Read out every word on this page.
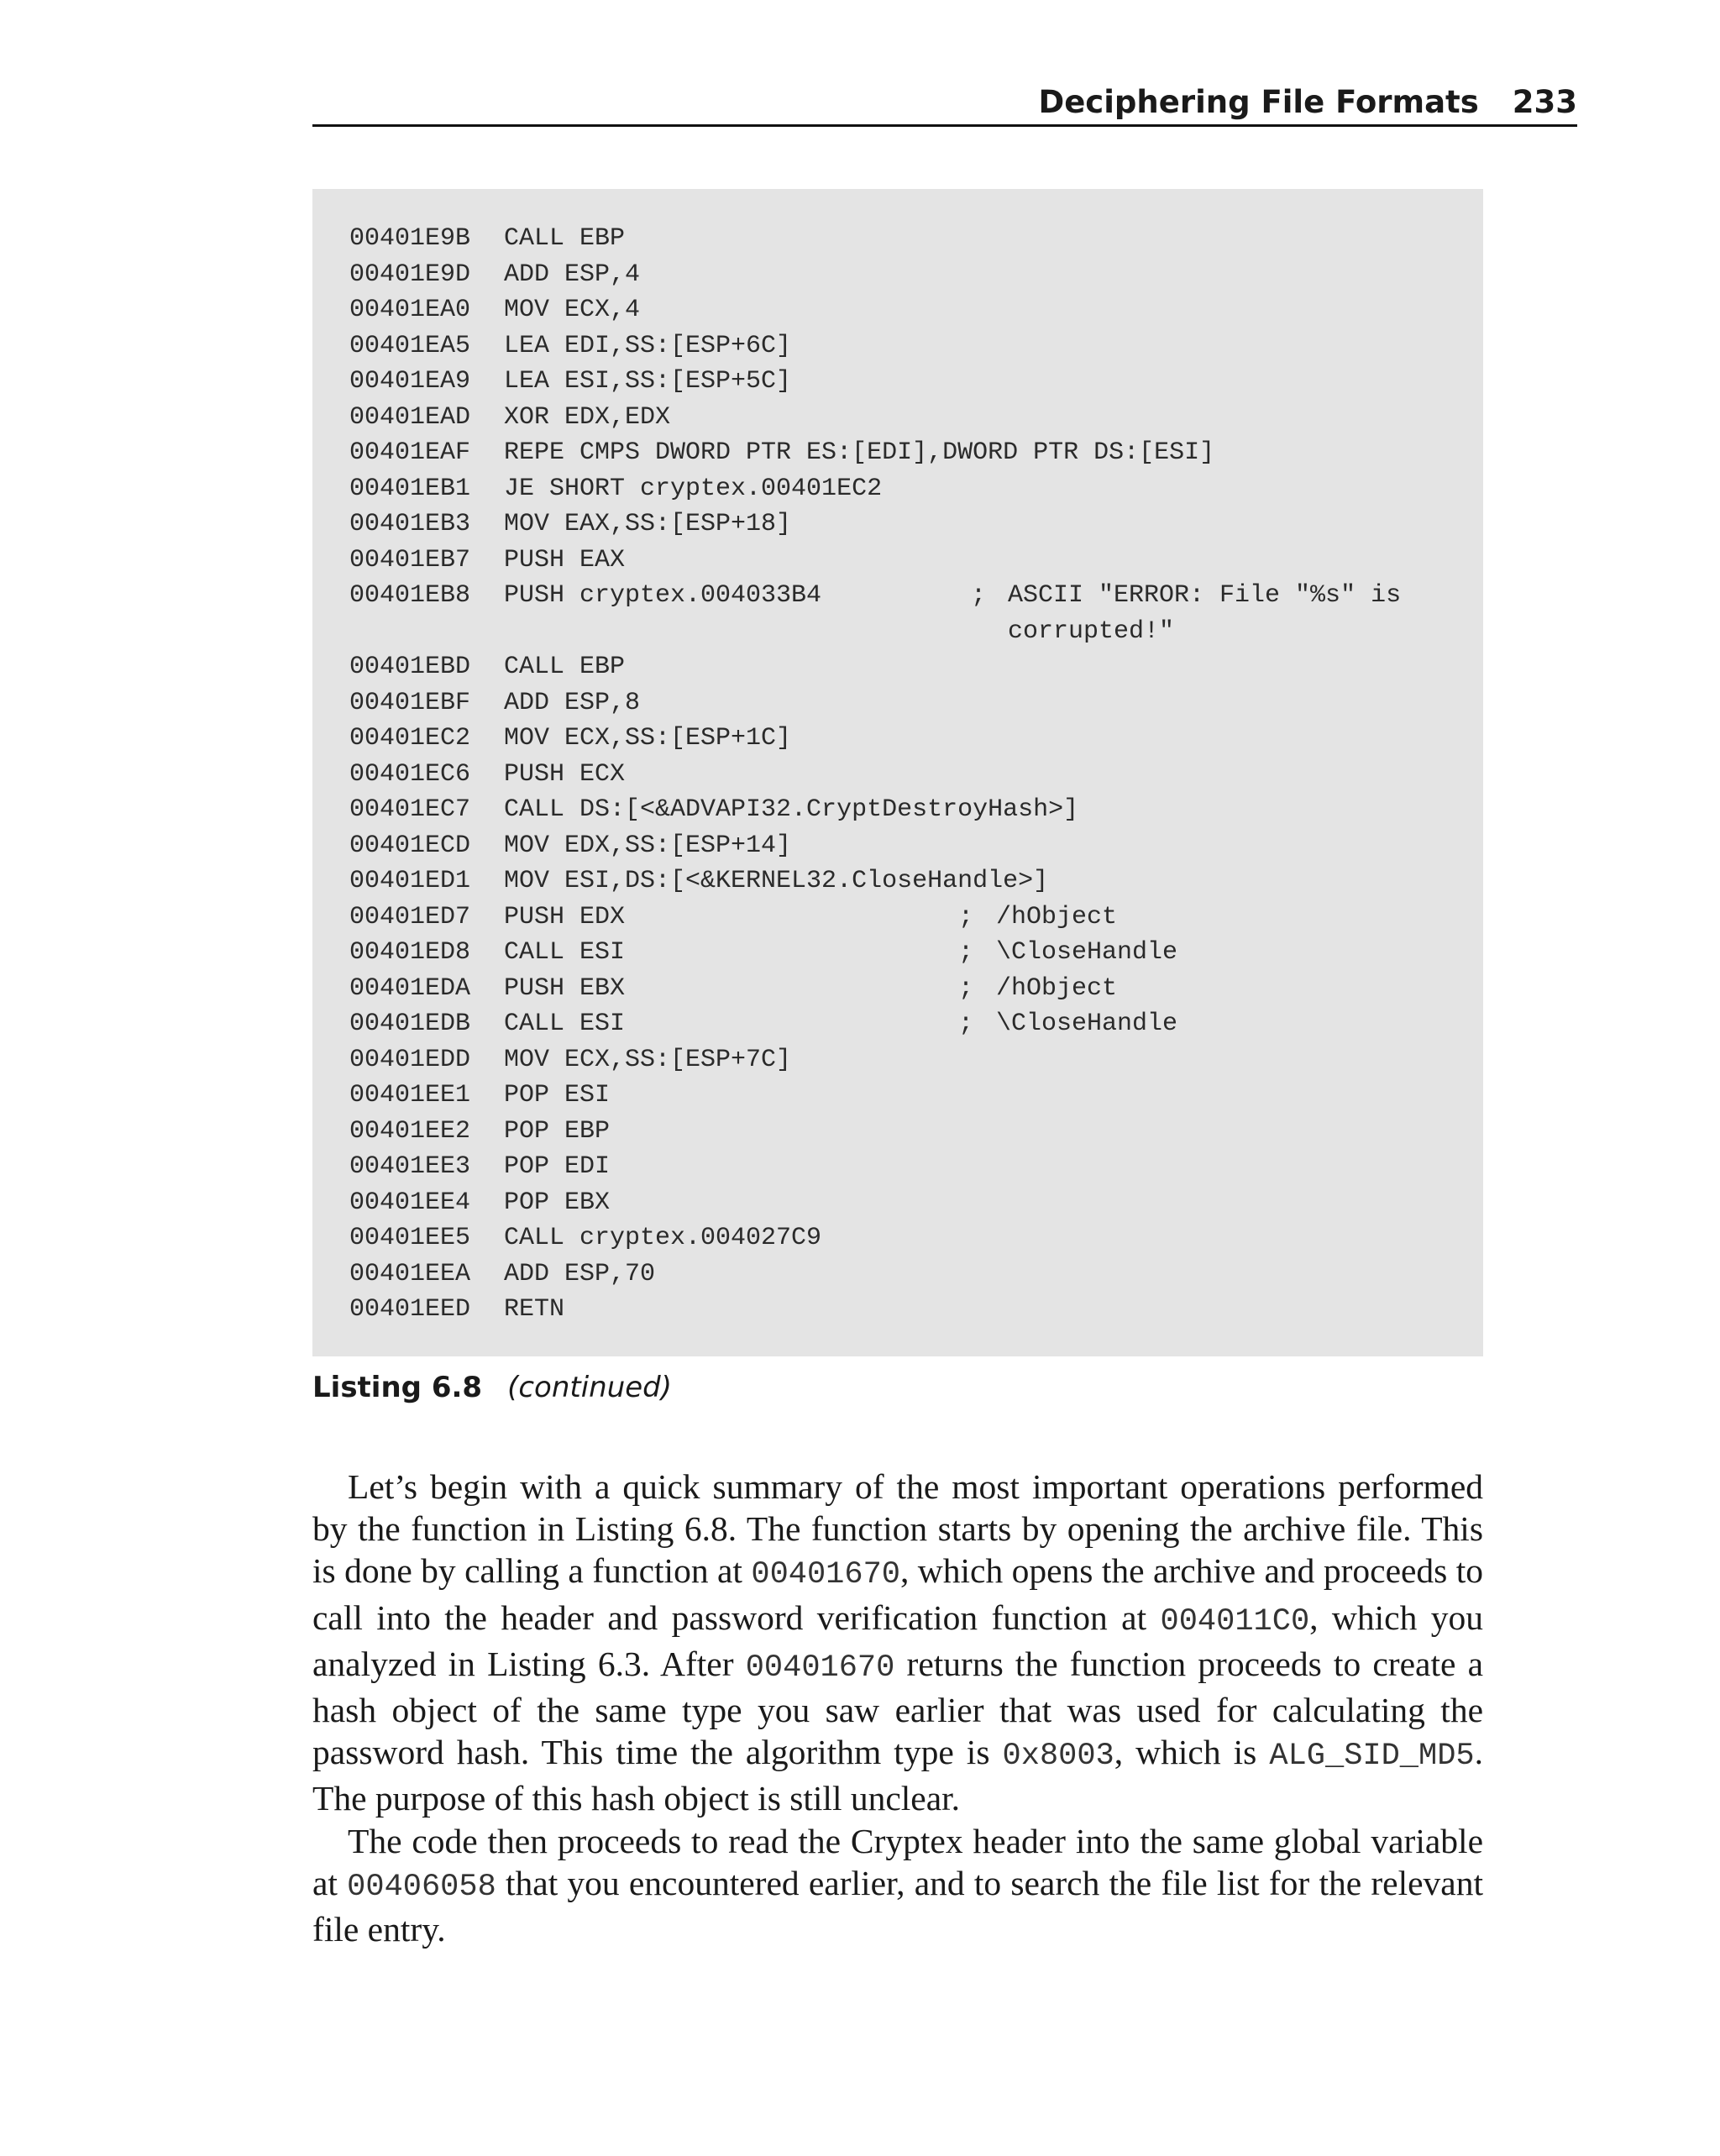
Deciphering File Formats 233
00401E9B CALL EBP
00401E9D ADD ESP,4
00401EA0 MOV ECX,4
00401EA5 LEA EDI,SS:[ESP+6C]
00401EA9 LEA ESI,SS:[ESP+5C]
00401EAD XOR EDX,EDX
00401EAF REPE CMPS DWORD PTR ES:[EDI],DWORD PTR DS:[ESI]
00401EB1 JE SHORT cryptex.00401EC2
00401EB3 MOV EAX,SS:[ESP+18]
00401EB7 PUSH EAX
00401EB8 PUSH cryptex.004033B4	; ASCII "ERROR: File "%s" is
corrupted!"
00401EBD CALL EBP
00401EBF ADD ESP,8
00401EC2 MOV ECX,SS:[ESP+1C]
00401EC6 PUSH ECX
00401EC7 CALL DS:[<&ADVAPI32.CryptDestroyHash>]
00401ECD MOV EDX,SS:[ESP+14]
00401ED1 MOV ESI,DS:[<&KERNEL32.CloseHandle>]
00401ED7 PUSH EDX	; /hObject
00401ED8 CALL ESI	; \CloseHandle
00401EDA PUSH EBX	; /hObject
00401EDB CALL ESI	; \CloseHandle
00401EDD MOV ECX,SS:[ESP+7C]
00401EE1 POP ESI
00401EE2 POP EBP
00401EE3 POP EDI
00401EE4 POP EBX
00401EE5 CALL cryptex.004027C9
00401EEA ADD ESP,70
00401EED RETN
Listing 6.8 (continued)

Let’s begin with a quick summary of the most important operations performed by the function in Listing 6.8. The function starts by opening the archive file. This is done by calling a function at 00401670, which opens the archive and proceeds to call into the header and password verification function at 004011C0, which you analyzed in Listing 6.3. After 00401670 returns the function proceeds to create a hash object of the same type you saw earlier that was used for calculating the password hash. This time the algorithm type is 0x8003, which is ALG_SID_MD5. The purpose of this hash object is still unclear.

The code then proceeds to read the Cryptex header into the same global variable at 00406058 that you encountered earlier, and to search the file list for the relevant file entry.
